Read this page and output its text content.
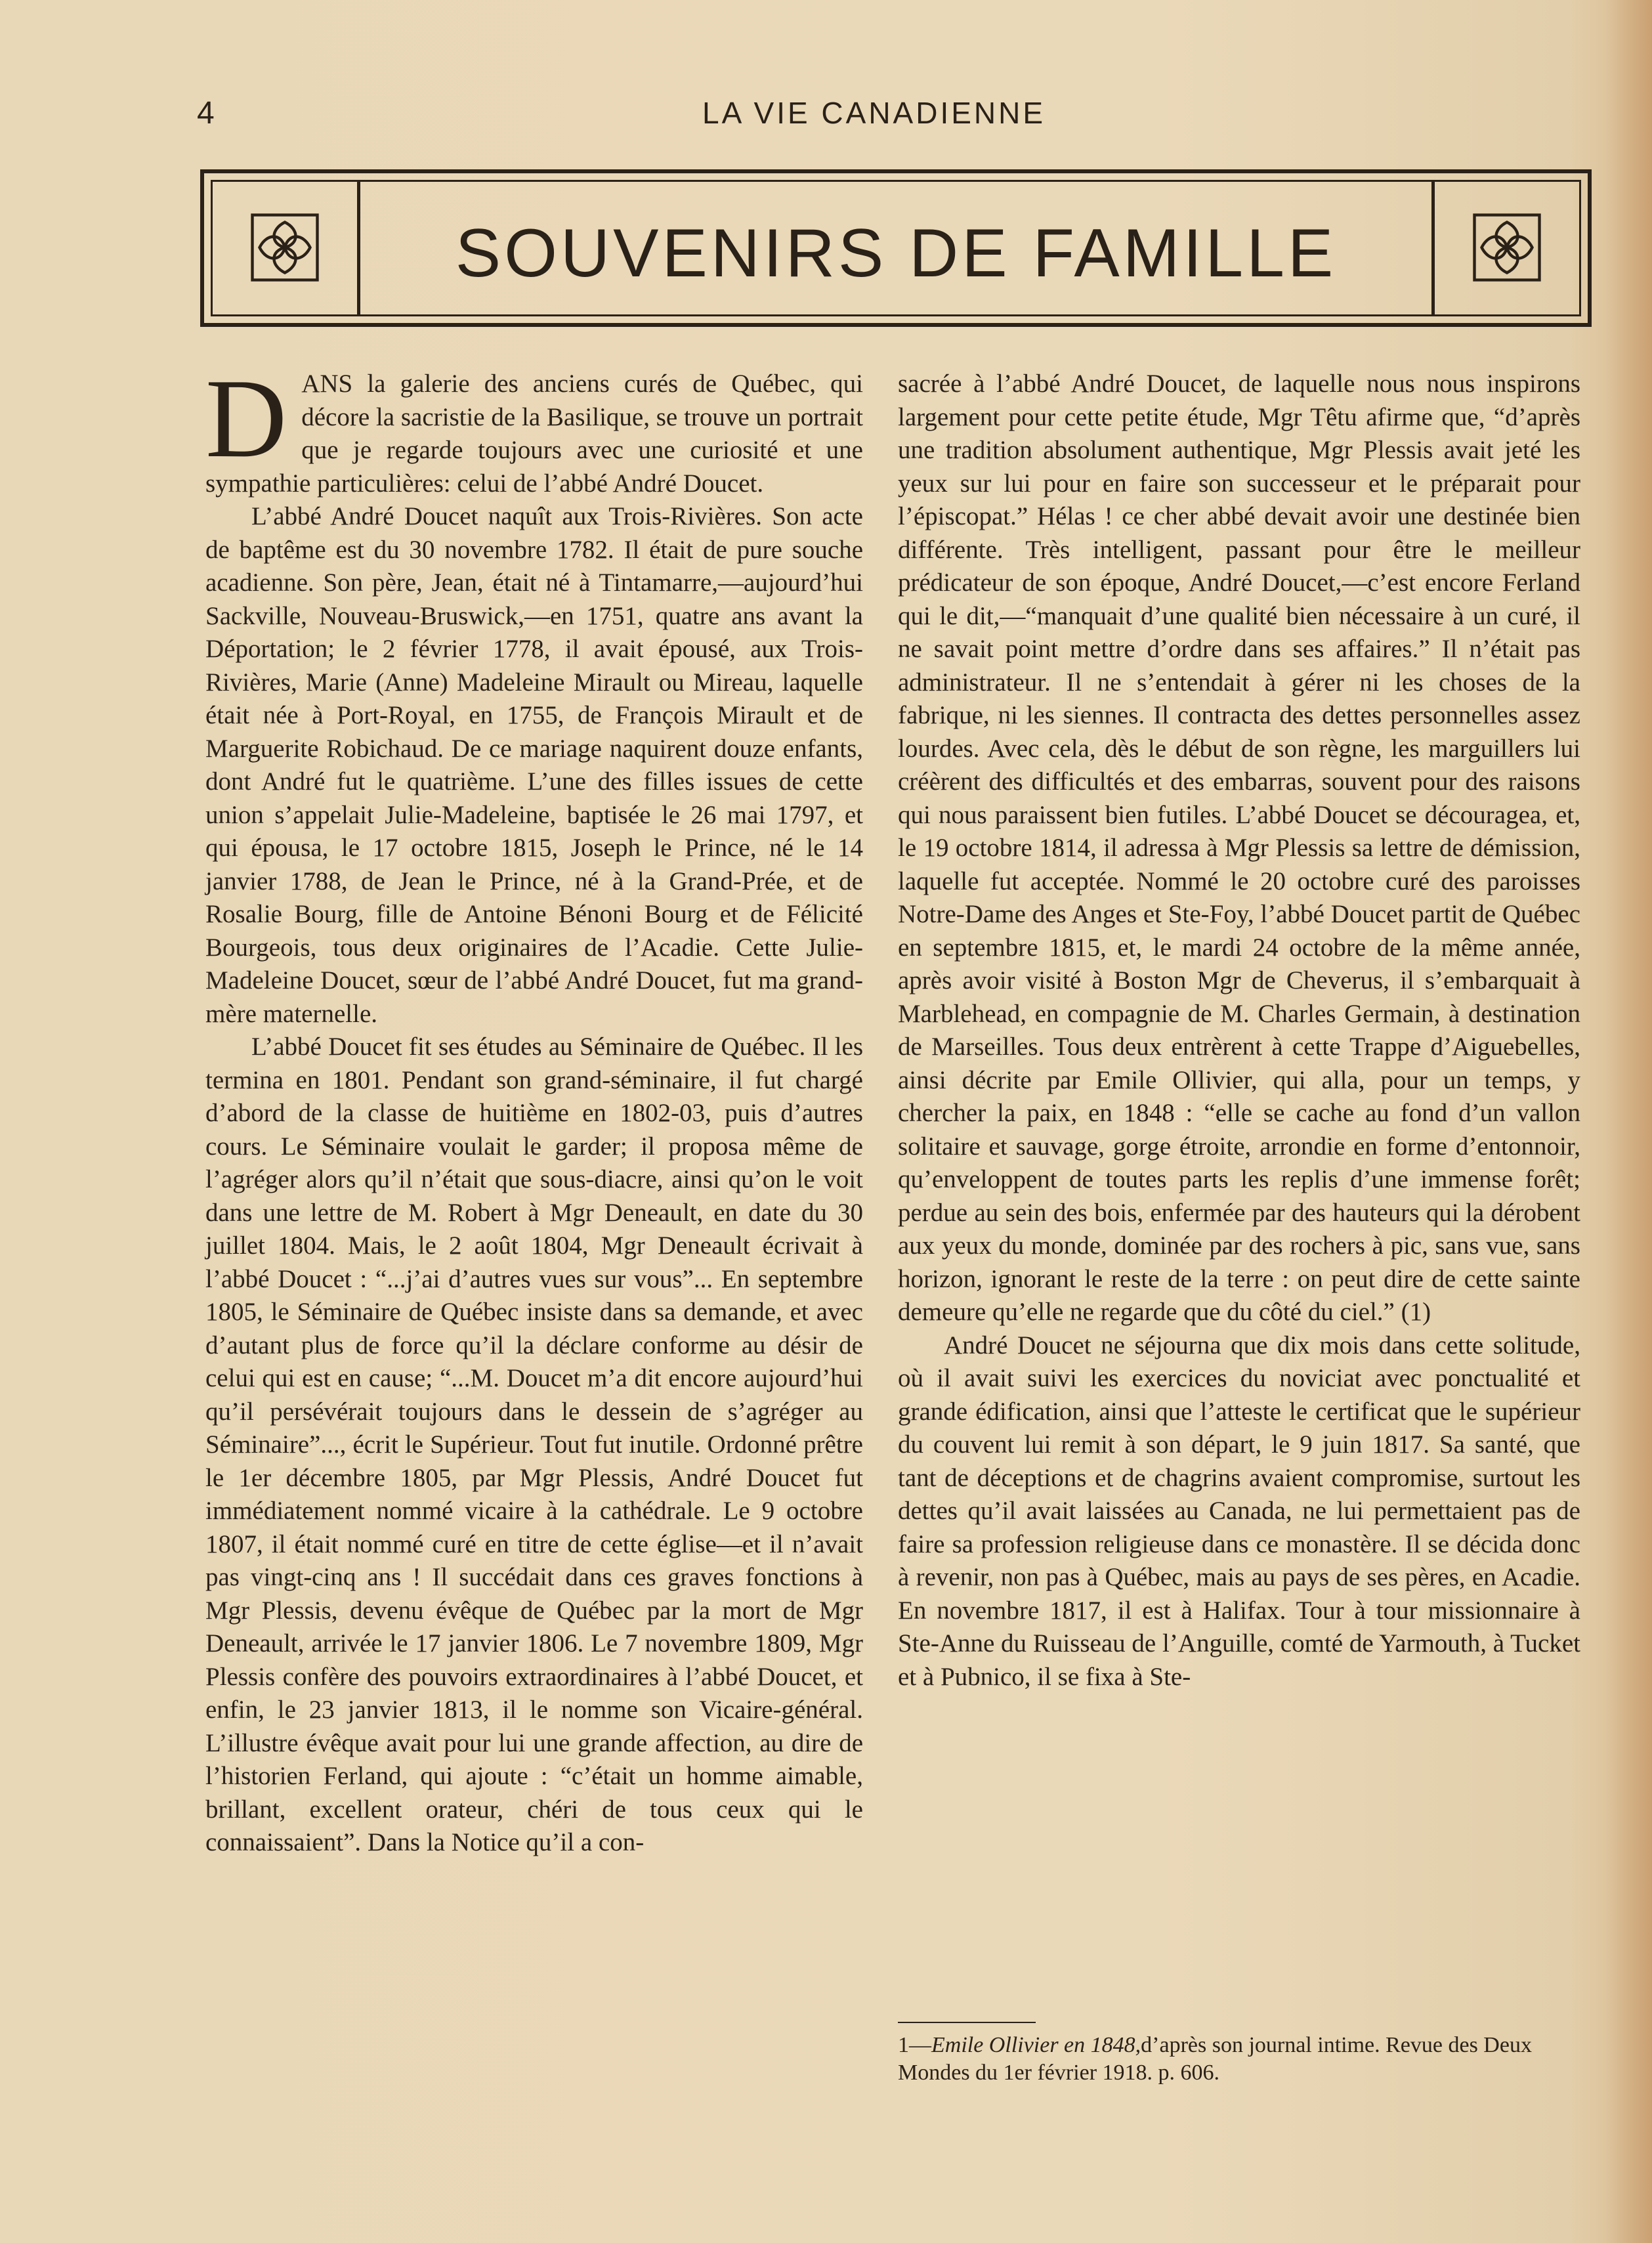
4	LA VIE CANADIENNE
SOUVENIRS DE FAMILLE

DANS la galerie des anciens curés de Québec, qui décore la sacristie de la Basilique, se trouve un portrait que je regarde toujours avec une curiosité et une sympathie particulières: celui de l’abbé André Doucet.

L’abbé André Doucet naquît aux Trois-Rivières. Son acte de baptême est du 30 novembre 1782. Il était de pure souche acadienne. Son père, Jean, était né à Tintamarre,—aujourd’hui Sackville, Nouveau-Bruswick,—en 1751, quatre ans avant la Déportation; le 2 février 1778, il avait épousé, aux Trois-Rivières, Marie (Anne) Madeleine Mirault ou Mireau, laquelle était née à Port-Royal, en 1755, de François Mirault et de Marguerite Robichaud. De ce mariage naquirent douze enfants, dont André fut le quatrième. L’une des filles issues de cette union s’appelait Julie-Madeleine, baptisée le 26 mai 1797, et qui épousa, le 17 octobre 1815, Joseph le Prince, né le 14 janvier 1788, de Jean le Prince, né à la Grand-Prée, et de Rosalie Bourg, fille de Antoine Bénoni Bourg et de Félicité Bourgeois, tous deux originaires de l’Acadie. Cette Julie-Madeleine Doucet, sœur de l’abbé André Doucet, fut ma grand-mère maternelle.

L’abbé Doucet fit ses études au Séminaire de Québec. Il les termina en 1801. Pendant son grand-séminaire, il fut chargé d’abord de la classe de huitième en 1802-03, puis d’autres cours. Le Séminaire voulait le garder; il proposa même de l’agréger alors qu’il n’était que sous-diacre, ainsi qu’on le voit dans une lettre de M. Robert à Mgr Deneault, en date du 30 juillet 1804. Mais, le 2 août 1804, Mgr Deneault écrivait à l’abbé Doucet : “...j’ai d’autres vues sur vous”... En septembre 1805, le Séminaire de Québec insiste dans sa demande, et avec d’autant plus de force qu’il la déclare conforme au désir de celui qui est en cause; “...M. Doucet m’a dit encore aujourd’hui qu’il persévérait toujours dans le dessein de s’agréger au Séminaire”..., écrit le Supérieur. Tout fut inutile. Ordonné prêtre le 1er décembre 1805, par Mgr Plessis, André Doucet fut immédiatement nommé vicaire à la cathédrale. Le 9 octobre 1807, il était nommé curé en titre de cette église—et il n’avait pas vingt-cinq ans ! Il succédait dans ces graves fonctions à Mgr Plessis, devenu évêque de Québec par la mort de Mgr Deneault, arrivée le 17 janvier 1806. Le 7 novembre 1809, Mgr Plessis confère des pouvoirs extraordinaires à l’abbé Doucet, et enfin, le 23 janvier 1813, il le nomme son Vicaire-général. L’illustre évêque avait pour lui une grande affection, au dire de l’historien Ferland, qui ajoute : “c’était un homme aimable, brillant, excellent orateur, chéri de tous ceux qui le connaissaient”. Dans la Notice qu’il a con-

sacrée à l’abbé André Doucet, de laquelle nous nous inspirons largement pour cette petite étude, Mgr Têtu afirme que, “d’après une tradition absolument authentique, Mgr Plessis avait jeté les yeux sur lui pour en faire son successeur et le préparait pour l’épiscopat.” Hélas ! ce cher abbé devait avoir une destinée bien différente. Très intelligent, passant pour être le meilleur prédicateur de son époque, André Doucet,—c’est encore Ferland qui le dit,—“manquait d’une qualité bien nécessaire à un curé, il ne savait point mettre d’ordre dans ses affaires.” Il n’était pas administrateur. Il ne s’entendait à gérer ni les choses de la fabrique, ni les siennes. Il contracta des dettes personnelles assez lourdes. Avec cela, dès le début de son règne, les marguillers lui créèrent des difficultés et des embarras, souvent pour des raisons qui nous paraissent bien futiles. L’abbé Doucet se découragea, et, le 19 octobre 1814, il adressa à Mgr Plessis sa lettre de démission, laquelle fut acceptée. Nommé le 20 octobre curé des paroisses Notre-Dame des Anges et Ste-Foy, l’abbé Doucet partit de Québec en septembre 1815, et, le mardi 24 octobre de la même année, après avoir visité à Boston Mgr de Cheverus, il s’embarquait à Marblehead, en compagnie de M. Charles Germain, à destination de Marseilles. Tous deux entrèrent à cette Trappe d’Aiguebelles, ainsi décrite par Emile Ollivier, qui alla, pour un temps, y chercher la paix, en 1848 : “elle se cache au fond d’un vallon solitaire et sauvage, gorge étroite, arrondie en forme d’entonnoir, qu’enveloppent de toutes parts les replis d’une immense forêt; perdue au sein des bois, enfermée par des hauteurs qui la dérobent aux yeux du monde, dominée par des rochers à pic, sans vue, sans horizon, ignorant le reste de la terre : on peut dire de cette sainte demeure qu’elle ne regarde que du côté du ciel.” (1)

André Doucet ne séjourna que dix mois dans cette solitude, où il avait suivi les exercices du noviciat avec ponctualité et grande édification, ainsi que l’atteste le certificat que le supérieur du couvent lui remit à son départ, le 9 juin 1817. Sa santé, que tant de déceptions et de chagrins avaient compromise, surtout les dettes qu’il avait laissées au Canada, ne lui permettaient pas de faire sa profession religieuse dans ce monastère. Il se décida donc à revenir, non pas à Québec, mais au pays de ses pères, en Acadie. En novembre 1817, il est à Halifax. Tour à tour missionnaire à Ste-Anne du Ruisseau de l’Anguille, comté de Yarmouth, à Tucket et à Pubnico, il se fixa à Ste-

1—Emile Ollivier en 1848,d’après son journal intime. Revue des Deux Mondes du 1er février 1918. p. 606.
